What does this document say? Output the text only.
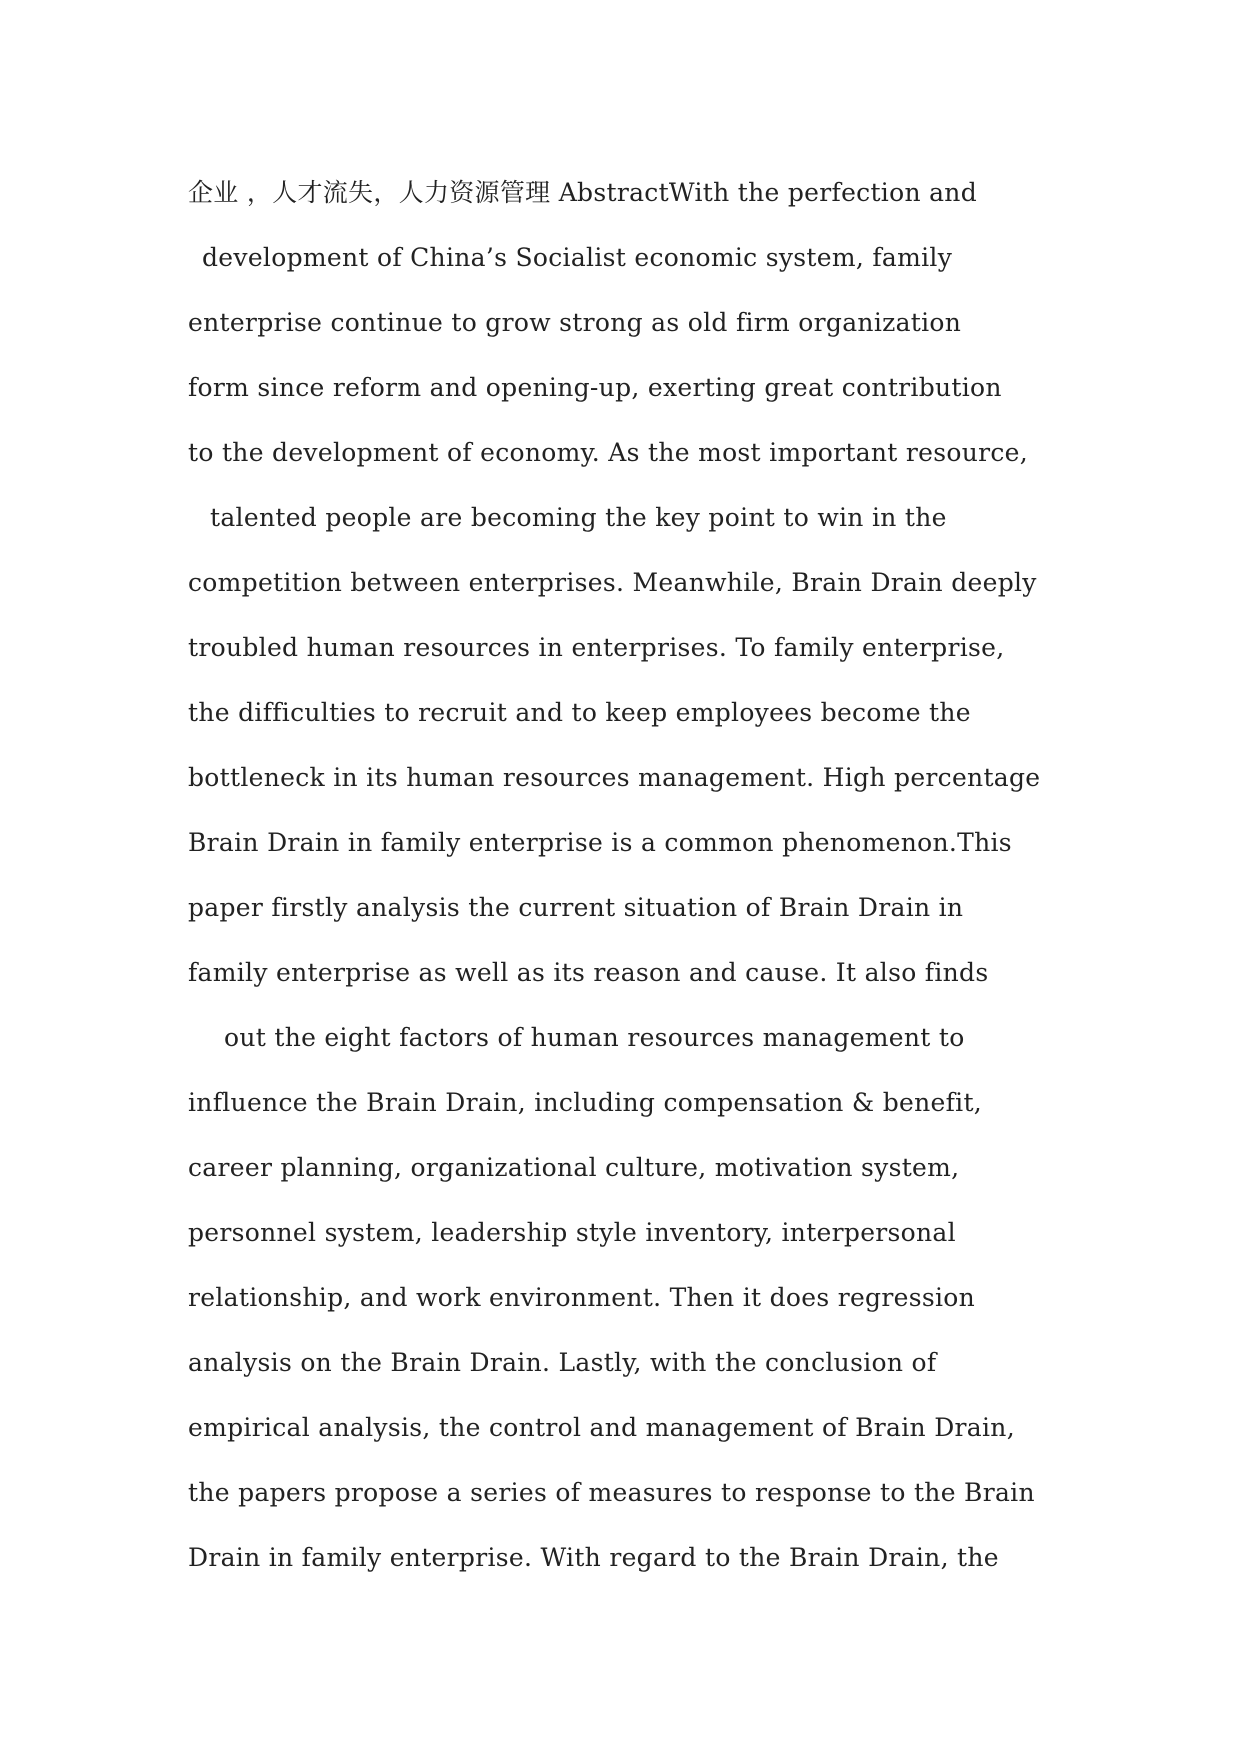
企业 ，人才流失，人力资源管理 AbstractWith the perfection and
development of China’s Socialist economic system, family
enterprise continue to grow strong as old firm organization
form since reform and opening-up, exerting great contribution
to the development of economy. As the most important resource,
talented people are becoming the key point to win in the
competition between enterprises. Meanwhile, Brain Drain deeply
troubled human resources in enterprises. To family enterprise,
the difficulties to recruit and to keep employees become the
bottleneck in its human resources management. High percentage
Brain Drain in family enterprise is a common phenomenon.This
paper firstly analysis the current situation of Brain Drain in
family enterprise as well as its reason and cause. It also finds
out the eight factors of human resources management to
influence the Brain Drain, including compensation & benefit,
career planning, organizational culture, motivation system,
personnel system, leadership style inventory, interpersonal
relationship, and work environment. Then it does regression
analysis on the Brain Drain. Lastly, with the conclusion of
empirical analysis, the control and management of Brain Drain,
the papers propose a series of measures to response to the Brain
Drain in family enterprise. With regard to the Brain Drain, the
